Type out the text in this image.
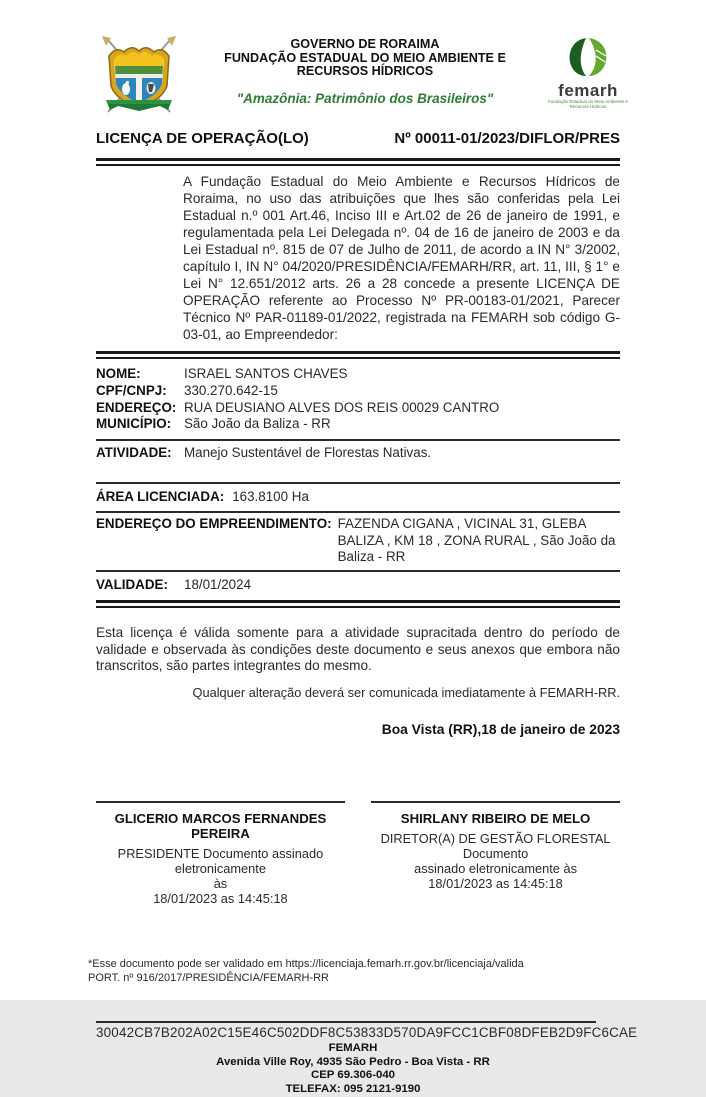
GOVERNO DE RORAIMA
FUNDAÇÃO ESTADUAL DO MEIO AMBIENTE E
RECURSOS HÍDRICOS
"Amazônia: Patrimônio dos Brasileiros"	femarh
Fundação Estadual do Meio Ambiente e Recursos Hídricos
LICENÇA DE OPERAÇÃO(LO)	Nº 00011-01/2023/DIFLOR/PRES
A Fundação Estadual do Meio Ambiente e Recursos Hídricos de Roraima, no uso das atribuições que lhes são conferidas pela Lei Estadual n.º 001 Art.46, Inciso III e Art.02 de 26 de janeiro de 1991, e regulamentada pela Lei Delegada nº. 04 de 16 de janeiro de 2003 e da Lei Estadual nº. 815 de 07 de Julho de 2011, de acordo a IN N° 3/2002, capítulo I, IN N° 04/2020/PRESIDÊNCIA/FEMARH/RR, art. 11, III, § 1° e Lei N° 12.651/2012 arts. 26 a 28 concede a presente LICENÇA DE OPERAÇÃO referente ao Processo Nº PR-00183-01/2021, Parecer Técnico Nº PAR-01189-01/2022, registrada na FEMARH sob código G-03-01, ao Empreendedor:
NOME:	ISRAEL SANTOS CHAVES
CPF/CNPJ:	330.270.642-15
ENDEREÇO: RUA DEUSIANO ALVES DOS REIS 00029 CANTRO
MUNICÍPIO: São João da Baliza - RR
ATIVIDADE: Manejo Sustentável de Florestas Nativas.
ÁREA LICENCIADA: 163.8100 Ha
ENDEREÇO DO EMPREENDIMENTO: FAZENDA CIGANA , VICINAL 31, GLEBA BALIZA , KM 18 , ZONA RURAL , São João da Baliza - RR
VALIDADE:	18/01/2024
Esta licença é válida somente para a atividade supracitada dentro do período de validade e observada às condições deste documento e seus anexos que embora não transcritos, são partes integrantes do mesmo.
Qualquer alteração deverá ser comunicada imediatamente à FEMARH-RR.
Boa Vista (RR),18 de janeiro de 2023
GLICERIO MARCOS FERNANDES PEREIRA
PRESIDENTE Documento assinado eletronicamente
às
18/01/2023 as 14:45:18
SHIRLANY RIBEIRO DE MELO
DIRETOR(A) DE GESTÃO FLORESTAL Documento
assinado eletronicamente às
18/01/2023 as 14:45:18
*Esse documento pode ser validado em https://licenciaja.femarh.rr.gov.br/licenciaja/valida
PORT. nº 916/2017/PRESIDÊNCIA/FEMARH-RR
30042CB7B202A02C15E46C502DDF8C53833D570DA9FCC1CBF08DFEB2D9FC6CAE
FEMARH
Avenida Ville Roy, 4935 São Pedro - Boa Vista - RR
CEP 69.306-040
TELEFAX: 095 2121-9190
